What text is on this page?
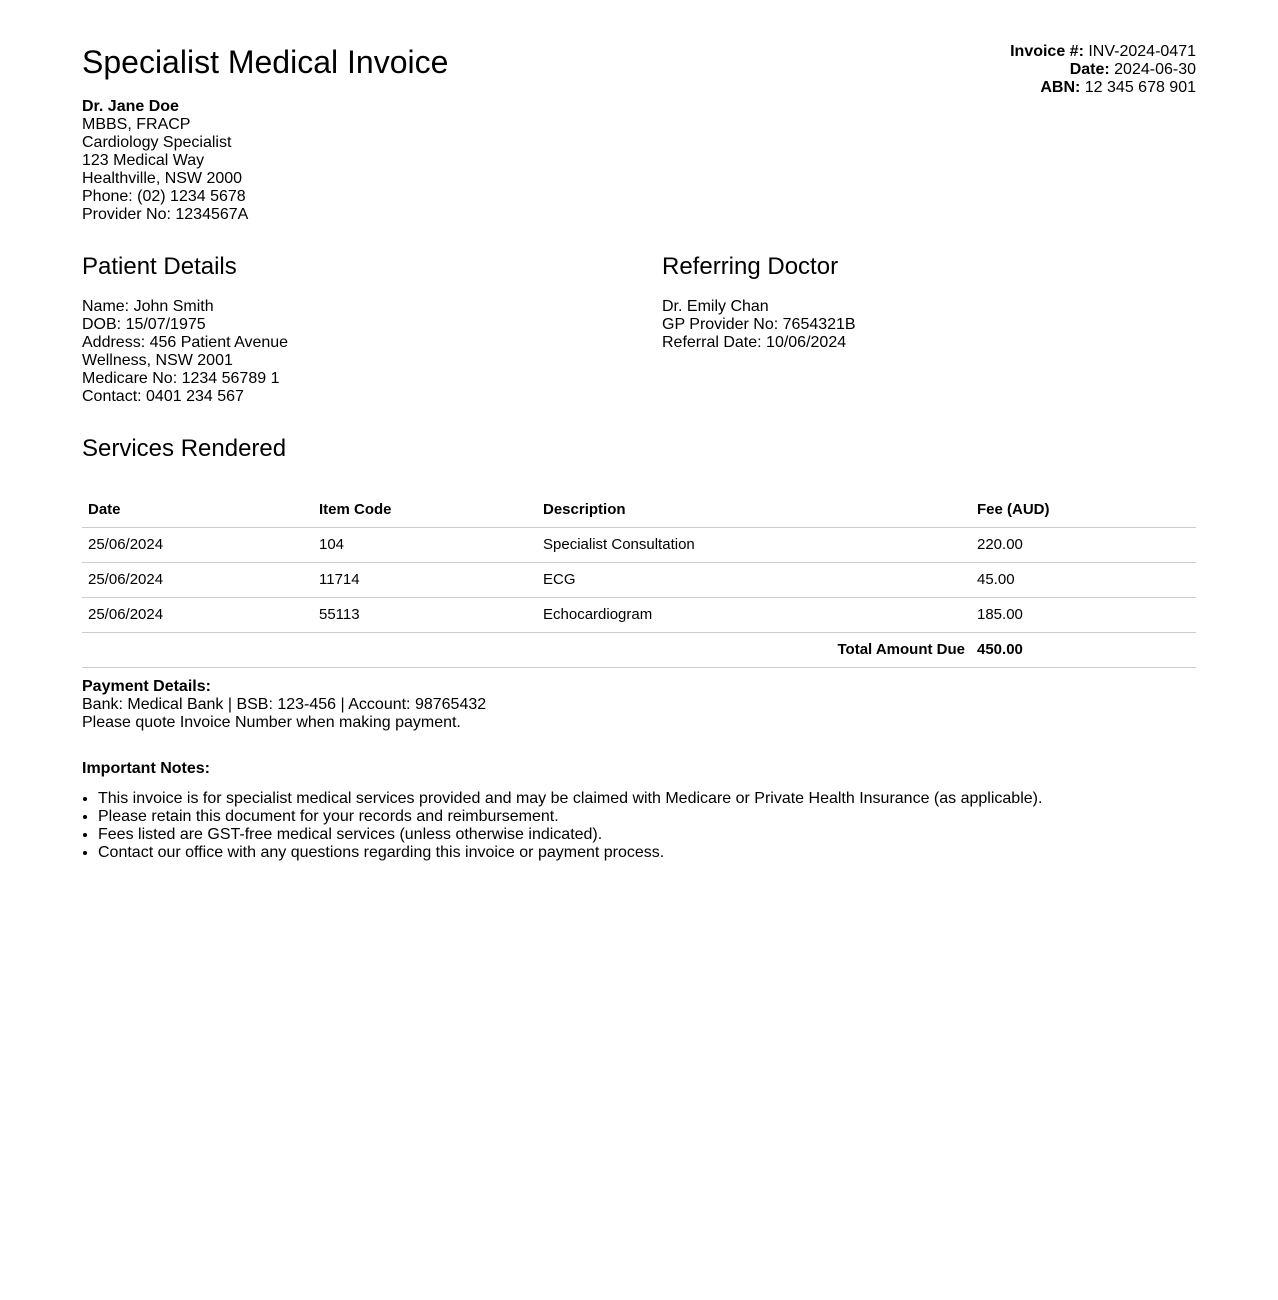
Specialist Medical Invoice	Invoice #: INV-2024-0471
Date: 2024-06-30
ABN: 12 345 678 901
Dr. Jane Doe
MBBS, FRACP
Cardiology Specialist
123 Medical Way
Healthville, NSW 2000
Phone: (02) 1234 5678
Provider No: 1234567A
Patient Details
Name: John Smith
DOB: 15/07/1975
Address: 456 Patient Avenue
Wellness, NSW 2001
Medicare No: 1234 56789 1
Contact: 0401 234 567
Referring Doctor
Dr. Emily Chan
GP Provider No: 7654321B
Referral Date: 10/06/2024
Services Rendered
Date	Item Code	Description	Fee (AUD)
25/06/2024	104	Specialist Consultation	220.00
25/06/2024	11714	ECG	45.00
25/06/2024	55113	Echocardiogram	185.00
Total Amount Due			450.00
Payment Details:
Bank: Medical Bank | BSB: 123-456 | Account: 98765432
Please quote Invoice Number when making payment.
Important Notes:
• This invoice is for specialist medical services provided and may be claimed with Medicare or Private Health Insurance (as applicable).
• Please retain this document for your records and reimbursement.
• Fees listed are GST-free medical services (unless otherwise indicated).
• Contact our office with any questions regarding this invoice or payment process.
